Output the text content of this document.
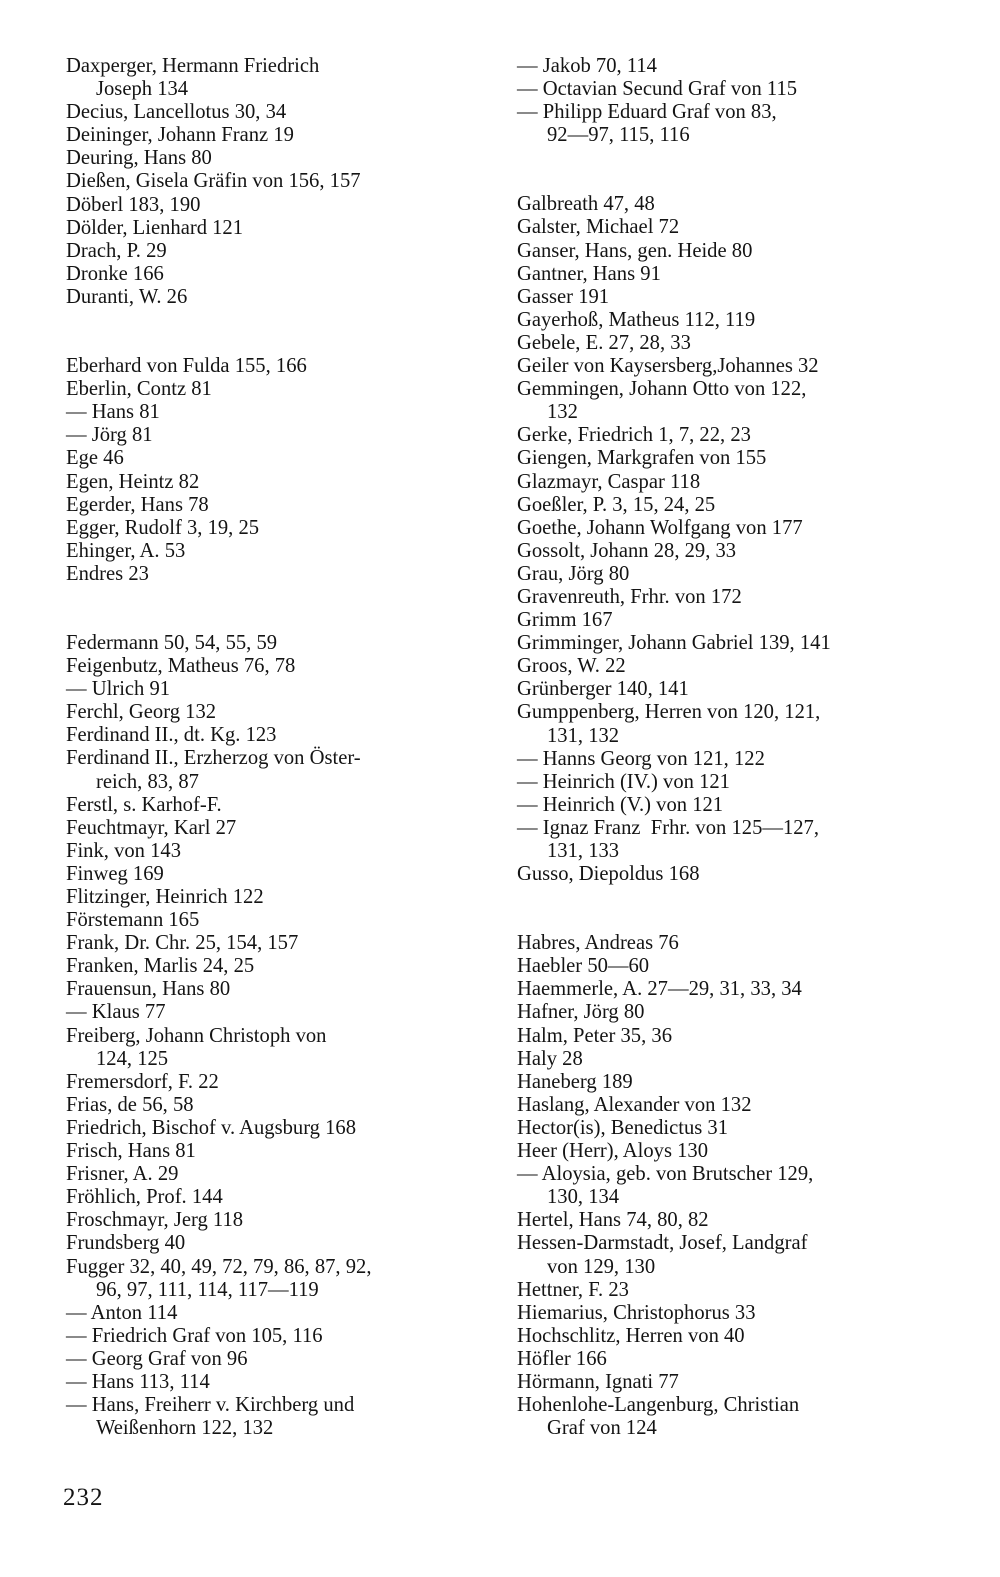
Daxperger, Hermann Friedrich
Joseph 134
Decius, Lancellotus 30, 34
Deininger, Johann Franz 19
Deuring, Hans 80
Dießen, Gisela Gräfin von 156, 157
Döberl 183, 190
Dölder, Lienhard 121
Drach, P. 29
Dronke 166
Duranti, W. 26
Eberhard von Fulda 155, 166
Eberlin, Contz 81
— Hans 81
— Jörg 81
Ege 46
Egen, Heintz 82
Egerder, Hans 78
Egger, Rudolf 3, 19, 25
Ehinger, A. 53
Endres 23
Federmann 50, 54, 55, 59
Feigenbutz, Matheus 76, 78
— Ulrich 91
Ferchl, Georg 132
Ferdinand II., dt. Kg. 123
Ferdinand II., Erzherzog von Öster-
reich, 83, 87
Ferstl, s. Karhof-F.
Feuchtmayr, Karl 27
Fink, von 143
Finweg 169
Flitzinger, Heinrich 122
Förstemann 165
Frank, Dr. Chr. 25, 154, 157
Franken, Marlis 24, 25
Frauensun, Hans 80
— Klaus 77
Freiberg, Johann Christoph von
124, 125
Fremersdorf, F. 22
Frias, de 56, 58
Friedrich, Bischof v. Augsburg 168
Frisch, Hans 81
Frisner, A. 29
Fröhlich, Prof. 144
Froschmayr, Jerg 118
Frundsberg 40
Fugger 32, 40, 49, 72, 79, 86, 87, 92,
96, 97, 111, 114, 117—119
— Anton 114
— Friedrich Graf von 105, 116
— Georg Graf von 96
— Hans 113, 114
— Hans, Freiherr v. Kirchberg und
Weißenhorn 122, 132
— Jakob 70, 114
— Octavian Secund Graf von 115
— Philipp Eduard Graf von 83,
92—97, 115, 116
Galbreath 47, 48
Galster, Michael 72
Ganser, Hans, gen. Heide 80
Gantner, Hans 91
Gasser 191
Gayerhoß, Matheus 112, 119
Gebele, E. 27, 28, 33
Geiler von Kaysersberg,Johannes 32
Gemmingen, Johann Otto von 122,
132
Gerke, Friedrich 1, 7, 22, 23
Giengen, Markgrafen von 155
Glazmayr, Caspar 118
Goeßler, P. 3, 15, 24, 25
Goethe, Johann Wolfgang von 177
Gossolt, Johann 28, 29, 33
Grau, Jörg 80
Gravenreuth, Frhr. von 172
Grimm 167
Grimminger, Johann Gabriel 139, 141
Groos, W. 22
Grünberger 140, 141
Gumppenberg, Herren von 120, 121,
131, 132
— Hanns Georg von 121, 122
— Heinrich (IV.) von 121
— Heinrich (V.) von 121
— Ignaz Franz  Frhr. von 125—127,
131, 133
Gusso, Diepoldus 168
Habres, Andreas 76
Haebler 50—60
Haemmerle, A. 27—29, 31, 33, 34
Hafner, Jörg 80
Halm, Peter 35, 36
Haly 28
Haneberg 189
Haslang, Alexander von 132
Hector(is), Benedictus 31
Heer (Herr), Aloys 130
— Aloysia, geb. von Brutscher 129,
130, 134
Hertel, Hans 74, 80, 82
Hessen-Darmstadt, Josef, Landgraf
von 129, 130
Hettner, F. 23
Hiemarius, Christophorus 33
Hochschlitz, Herren von 40
Höfler 166
Hörmann, Ignati 77
Hohenlohe-Langenburg, Christian
Graf von 124
232
